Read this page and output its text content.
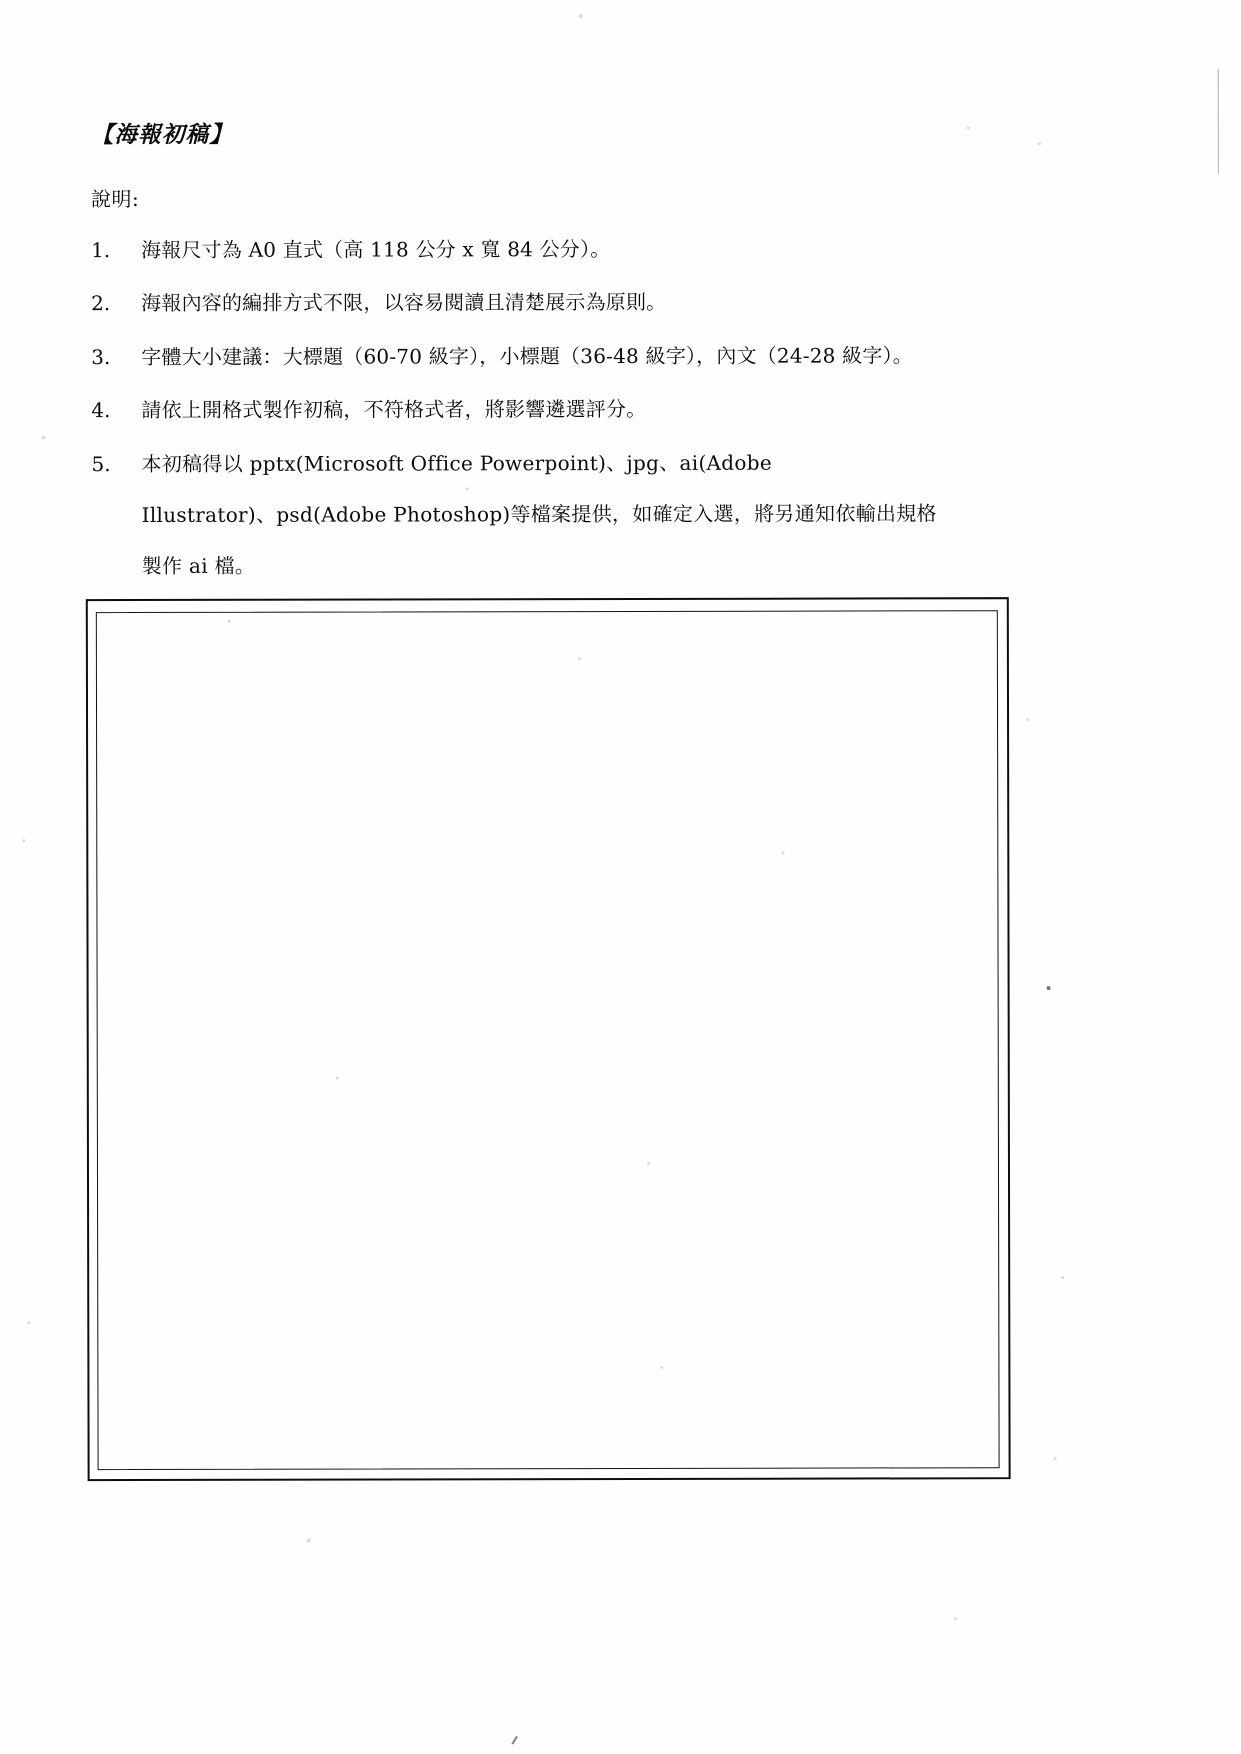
【海報初稿】
說明:
1.	海報尺寸為 A0 直式（高 118 公分 x 寬 84 公分）。
2.	海報內容的編排方式不限，以容易閱讀且清楚展示為原則。
3.	字體大小建議：大標題（60-70 級字），小標題（36-48 級字），內文（24-28 級字）。
4.	請依上開格式製作初稿，不符格式者，將影響遴選評分。
5.	本初稿得以 pptx(Microsoft Office Powerpoint)、jpg、ai(Adobe
Illustrator)、psd(Adobe Photoshop)等檔案提供，如確定入選，將另通知依輸出規格
製作 ai 檔。
